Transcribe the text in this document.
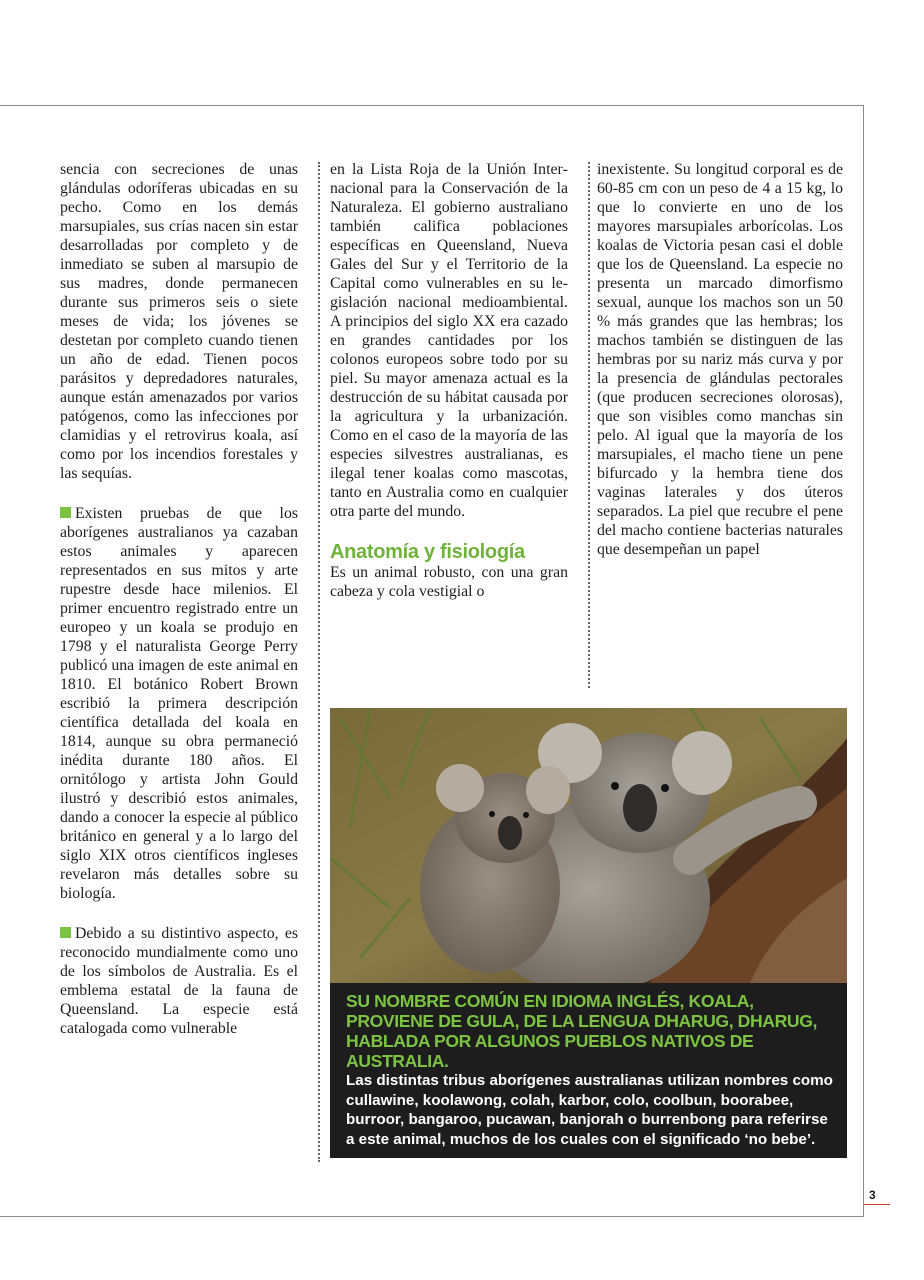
sencia con secreciones de unas glándulas odoríferas ubicadas en su pecho. Como en los demás marsupiales, sus crías nacen sin estar desarrolladas por completo y de inmediato se suben al marsupio de sus madres, donde permanecen durante sus primeros seis o siete meses de vida; los jóvenes se destetan por completo cuando tienen un año de edad. Tienen pocos parásitos y depredadores naturales, aunque están amenazados por varios patógenos, como las infecciones por clamidias y el retrovirus koala, así como por los incendios forestales y las sequías.

Existen pruebas de que los aborígenes australianos ya cazaban estos animales y aparecen representados en sus mitos y arte rupestre desde hace milenios. El primer encuentro registrado entre un europeo y un koala se produjo en 1798 y el naturalista George Perry publicó una imagen de este animal en 1810. El botánico Robert Brown escribió la primera descripción científica detallada del koala en 1814, aunque su obra permaneció inédita durante 180 años. El ornitólogo y artista John Gould ilustró y describió estos animales, dando a conocer la especie al público británico en general y a lo largo del siglo XIX otros científicos ingleses revelaron más detalles sobre su biología.

Debido a su distintivo aspecto, es reconocido mundialmente como uno de los símbolos de Australia. Es el emblema estatal de la fauna de Queensland. La especie está catalogada como vulnerable

en la Lista Roja de la Unión Internacional para la Conservación de la Naturaleza. El gobierno australiano también califica poblaciones específicas en Queensland, Nueva Gales del Sur y el Territorio de la Capital como vulnerables en su legislación nacional medioambiental. A principios del siglo XX era cazado en grandes cantidades por los colonos europeos sobre todo por su piel. Su mayor amenaza actual es la destrucción de su hábitat causada por la agricultura y la urbanización. Como en el caso de la mayoría de las especies silvestres australianas, es ilegal tener koalas como mascotas, tanto en Australia como en cualquier otra parte del mundo.

Anatomía y fisiología

Es un animal robusto, con una gran cabeza y cola vestigial o

inexistente. Su longitud corporal es de 60-85 cm con un peso de 4 a 15 kg, lo que lo convierte en uno de los mayores marsupiales arborícolas. Los koalas de Victoria pesan casi el doble que los de Queensland. La especie no presenta un marcado dimorfismo sexual, aunque los machos son un 50 % más grandes que las hembras; los machos también se distinguen de las hembras por su nariz más curva y por la presencia de glándulas pectorales (que producen secreciones olorosas), que son visibles como manchas sin pelo. Al igual que la mayoría de los marsupiales, el macho tiene un pene bifurcado y la hembra tiene dos vaginas laterales y dos úteros separados. La piel que recubre el pene del macho contiene bacterias naturales que desempeñan un papel

SU NOMBRE COMÚN EN IDIOMA INGLÉS, KOALA, PROVIENE DE GULA, DE LA LENGUA DHARUG, DHARUG, HABLADA POR ALGUNOS PUEBLOS NATIVOS DE AUSTRALIA.
Las distintas tribus aborígenes australianas utilizan nombres como cullawine, koolawong, colah, karbor, colo, coolbun, boorabee, burroor, bangaroo, pucawan, banjorah o burrenbong para referirse a este animal, muchos de los cuales con el significado ‘no bebe’.
3
